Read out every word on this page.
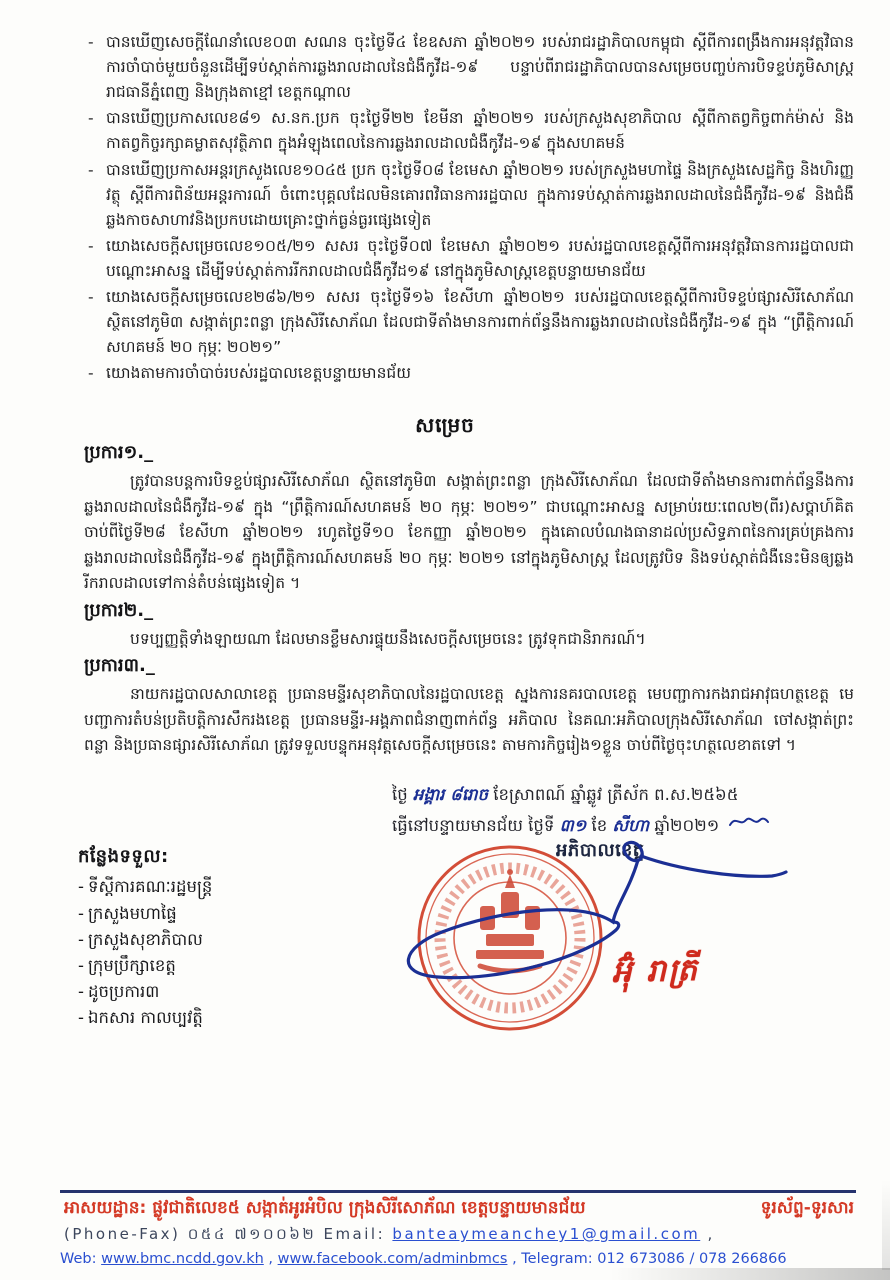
- បានឃើញសេចក្តីណែនាំលេខ០៣ សណន ចុះថ្ងៃទី៤ ខែឧសភា ឆ្នាំ២០២១ របស់រាជរដ្ឋាភិបាលកម្ពុជា ស្តីពីការពង្រឹងការអនុវត្តវិធានការចាំបាច់មួយចំនួនដើម្បីទប់ស្កាត់ការឆ្លងរាលដាលនៃជំងឺកូវីដ-១៩ បន្ទាប់ពីរាជរដ្ឋាភិបាលបានសម្រេចបញ្ចប់ការបិទខ្ទប់ភូមិសាស្រ្តរាជធានីភ្នំពេញ និងក្រុងតាខ្មៅ ខេត្តកណ្តាល
- បានឃើញប្រកាសលេខ៨១ ស.នក.ប្រក ចុះថ្ងៃទី២២ ខែមីនា ឆ្នាំ២០២១ របស់ក្រសួងសុខាភិបាល ស្តីពីកាតព្វកិច្ចពាក់ម៉ាស់ និងកាតព្វកិច្ចរក្សាគម្លាតសុវត្ថិភាព ក្នុងអំឡុងពេលនៃការឆ្លងរាលដាលជំងឺកូវីដ-១៩ ក្នុងសហគមន៍
- បានឃើញប្រកាសអន្តរក្រសួងលេខ១០៤៥ ប្រក ចុះថ្ងៃទី០៨ ខែមេសា ឆ្នាំ២០២១ របស់ក្រសួងមហាផ្ទៃ និងក្រសួងសេដ្ឋកិច្ច និងហិរញ្ញវត្ថុ ស្តីពីការពិន័យអន្តរការណ៍ ចំពោះបុគ្គលដែលមិនគោរពវិធានការរដ្ឋបាល ក្នុងការទប់ស្កាត់ការឆ្លងរាលដាលនៃជំងឺកូវីដ-១៩ និងជំងឺឆ្លងកាចសាហាវនិងប្រកបដោយគ្រោះថ្នាក់ធ្ងន់ធ្ងរផ្សេងទៀត
- យោងសេចក្តីសម្រេចលេខ១០៥/២១ សសរ ចុះថ្ងៃទី០៧ ខែមេសា ឆ្នាំ២០២១ របស់រដ្ឋបាលខេត្តស្តីពីការអនុវត្តវិធានការរដ្ឋបាលជាបណ្តោះអាសន្ន ដើម្បីទប់ស្កាត់ការរីករាលដាលជំងឺកូវីដ១៩ នៅក្នុងភូមិសាស្រ្តខេត្តបន្ទាយមានជ័យ
- យោងសេចក្តីសម្រេចលេខ២៨៦/២១ សសរ ចុះថ្ងៃទី១៦ ខែសីហា ឆ្នាំ២០២១ របស់រដ្ឋបាលខេត្តស្តីពីការបិទខ្ទប់ផ្សារសិរីសោភ័ណ ស្ថិតនៅភូមិ៣ សង្កាត់ព្រះពន្លា ក្រុងសិរីសោភ័ណ ដែលជាទីតាំងមានការពាក់ព័ន្ធនឹងការឆ្លងរាលដាលនៃជំងឺកូវីដ-១៩ ក្នុង “ព្រឹត្តិការណ៍ សហគមន៍ ២០ កុម្ភៈ ២០២១”
- យោងតាមការចាំបាច់របស់រដ្ឋបាលខេត្តបន្ទាយមានជ័យ
សម្រេច
ប្រការ១._

ត្រូវបានបន្តការបិទខ្ទប់ផ្សារសិរីសោភ័ណ ស្ថិតនៅភូមិ៣ សង្កាត់ព្រះពន្លា ក្រុងសិរីសោភ័ណ ដែលជាទីតាំងមានការពាក់ព័ន្ធនឹងការឆ្លងរាលដាលនៃជំងឺកូវីដ-១៩ ក្នុង “ព្រឹត្តិការណ៍សហគមន៍ ២០ កុម្ភៈ ២០២១” ជាបណ្តោះអាសន្ន សម្រាប់រយៈពេល២(ពីរ)សប្តាហ៍គិតចាប់ពីថ្ងៃទី២៨ ខែសីហា ឆ្នាំ២០២១ រហូតថ្ងៃទី១០ ខែកញ្ញា ឆ្នាំ២០២១ ក្នុងគោលបំណងធានាដល់ប្រសិទ្ធភាពនៃការគ្រប់គ្រងការឆ្លងរាលដាលនៃជំងឺកូវីដ-១៩ ក្នុងព្រឹត្តិការណ៍សហគមន៍ ២០ កុម្ភៈ ២០២១ នៅក្នុងភូមិសាស្រ្ត ដែលត្រូវបិទ និងទប់ស្កាត់ជំងឺនេះមិនឲ្យឆ្លងរីករាលដាលទៅកាន់តំបន់ផ្សេងទៀត ។

ប្រការ២._

បទប្បញ្ញត្តិទាំងឡាយណា ដែលមានខ្លឹមសារផ្ទុយនឹងសេចក្តីសម្រេចនេះ ត្រូវទុកជានិរាករណ៍។

ប្រការ៣._

នាយករដ្ឋបាលសាលាខេត្ត ប្រធានមន្ទីរសុខាភិបាលនៃរដ្ឋបាលខេត្ត ស្នងការនគរបាលខេត្ត មេបញ្ជាការកងរាជអាវុធហត្ថខេត្ត មេបញ្ជាការតំបន់ប្រតិបត្តិការសឹករងខេត្ត ប្រធានមន្ទីរ-អង្គភាពជំនាញពាក់ព័ន្ធ អភិបាល នៃគណៈអភិបាលក្រុងសិរីសោភ័ណ ចៅសង្កាត់ព្រះពន្លា និងប្រធានផ្សារសិរីសោភ័ណ ត្រូវទទួលបន្ទុកអនុវត្តសេចក្តីសម្រេចនេះ តាមការកិច្ចរៀង១ខ្លួន ចាប់ពីថ្ងៃចុះហត្ថលេខាតទៅ ។

ថ្ងៃ អង្គារ ៨រោច ខែស្រាពណ៍ ឆ្នាំឆ្លូវ ត្រីស័ក ព.ស.២៥៦៥
ធ្វើនៅបន្ទាយមានជ័យ ថ្ងៃទី ៣១ ខែ សីហា ឆ្នាំ២០២១
អភិបាលខេត្ត
អ៊ុំ រាត្រី
កន្លែងទទួល:
- ទីស្តីការគណៈរដ្ឋមន្រ្តី
- ក្រសួងមហាផ្ទៃ
- ក្រសួងសុខាភិបាល
- ក្រុមប្រឹក្សាខេត្ត
- ដូចប្រការ៣
- ឯកសារ កាលប្បវត្តិ
អាសយដ្ឋាន: ផ្លូវជាតិលេខ៥ សង្កាត់អូរអំបិល ក្រុងសិរីសោភ័ណ ខេត្តបន្ទាយមានជ័យ	ទូរស័ព្ទ-ទូរសារ
(Phone-Fax) ០៥៤ ៧១០០៦២ Email: banteaymeanchey1@gmail.com ,
Web: www.bmc.ncdd.gov.kh , www.facebook.com/adminbmcs , Telegram: 012 673086 / 078 266866
